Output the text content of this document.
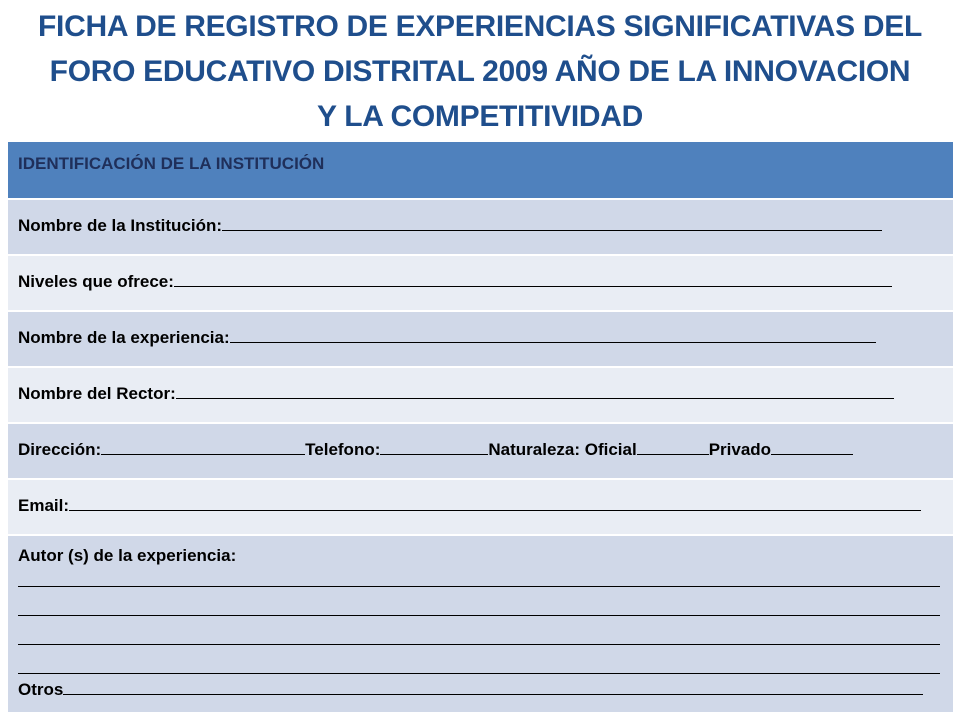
FICHA DE REGISTRO DE EXPERIENCIAS SIGNIFICATIVAS DEL
FORO EDUCATIVO DISTRITAL 2009 AÑO DE LA INNOVACION
Y LA COMPETITIVIDAD
IDENTIFICACIÓN DE LA INSTITUCIÓN
Nombre de la Institución:
Niveles que ofrece:
Nombre de la experiencia:
Nombre del Rector:
Dirección:	Telefono:	Naturaleza: Oficial	Privado
Email:
Autor (s) de la experiencia:
Otros
